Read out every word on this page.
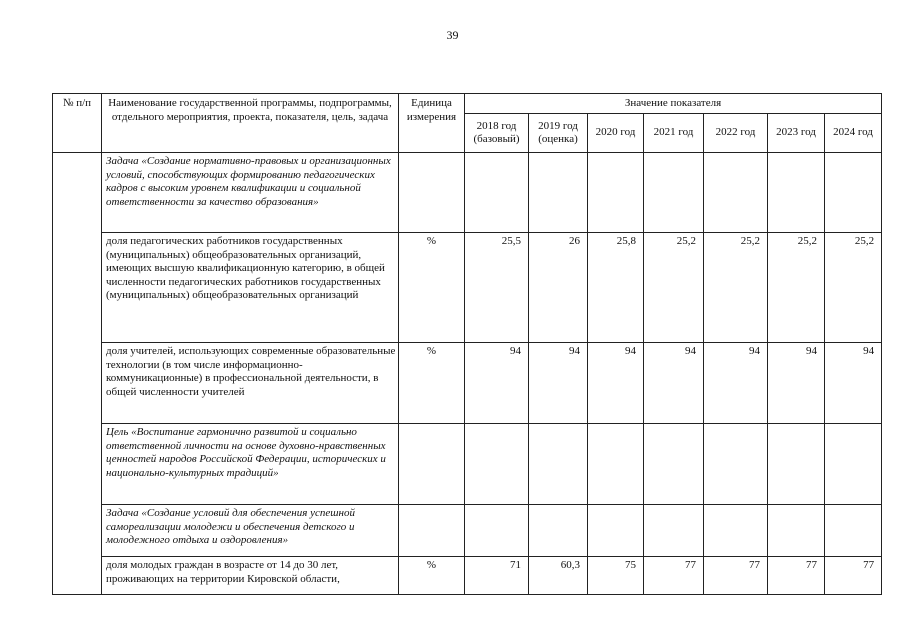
39
№ п/п	Наименование государственной программы, подпрограммы, отдельного мероприятия, проекта, показателя, цель, задача	Единица измерения	Значение показателя						
			2018 год (базовый)	2019 год (оценка)	2020 год	2021 год	2022 год	2023 год	2024 год
	Задача «Создание нормативно-правовых и организационных условий, способствующих формированию педагогических кадров с высоким уровнем квалификации и социальной ответственности за качество образования»								
	доля педагогических работников государственных (муниципальных) общеобразовательных организаций, имеющих высшую квалификационную категорию, в общей численности педагогических работников государственных (муниципальных) общеобразовательных организаций	%	25,5	26	25,8	25,2	25,2	25,2	25,2
	доля учителей, использующих современные образовательные технологии (в том числе информационно-коммуникационные) в профессиональной деятельности, в общей численности учителей	%	94	94	94	94	94	94	94
	Цель «Воспитание гармонично развитой и социально ответственной личности на основе духовно-нравственных ценностей народов Российской Федерации, исторических и национально-культурных традиций»								
	Задача «Создание условий для обеспечения успешной самореализации молодежи и обеспечения детского и молодежного отдыха и оздоровления»								
	доля молодых граждан в возрасте от 14 до 30 лет, проживающих на территории Кировской области,	%	71	60,3	75	77	77	77	77
